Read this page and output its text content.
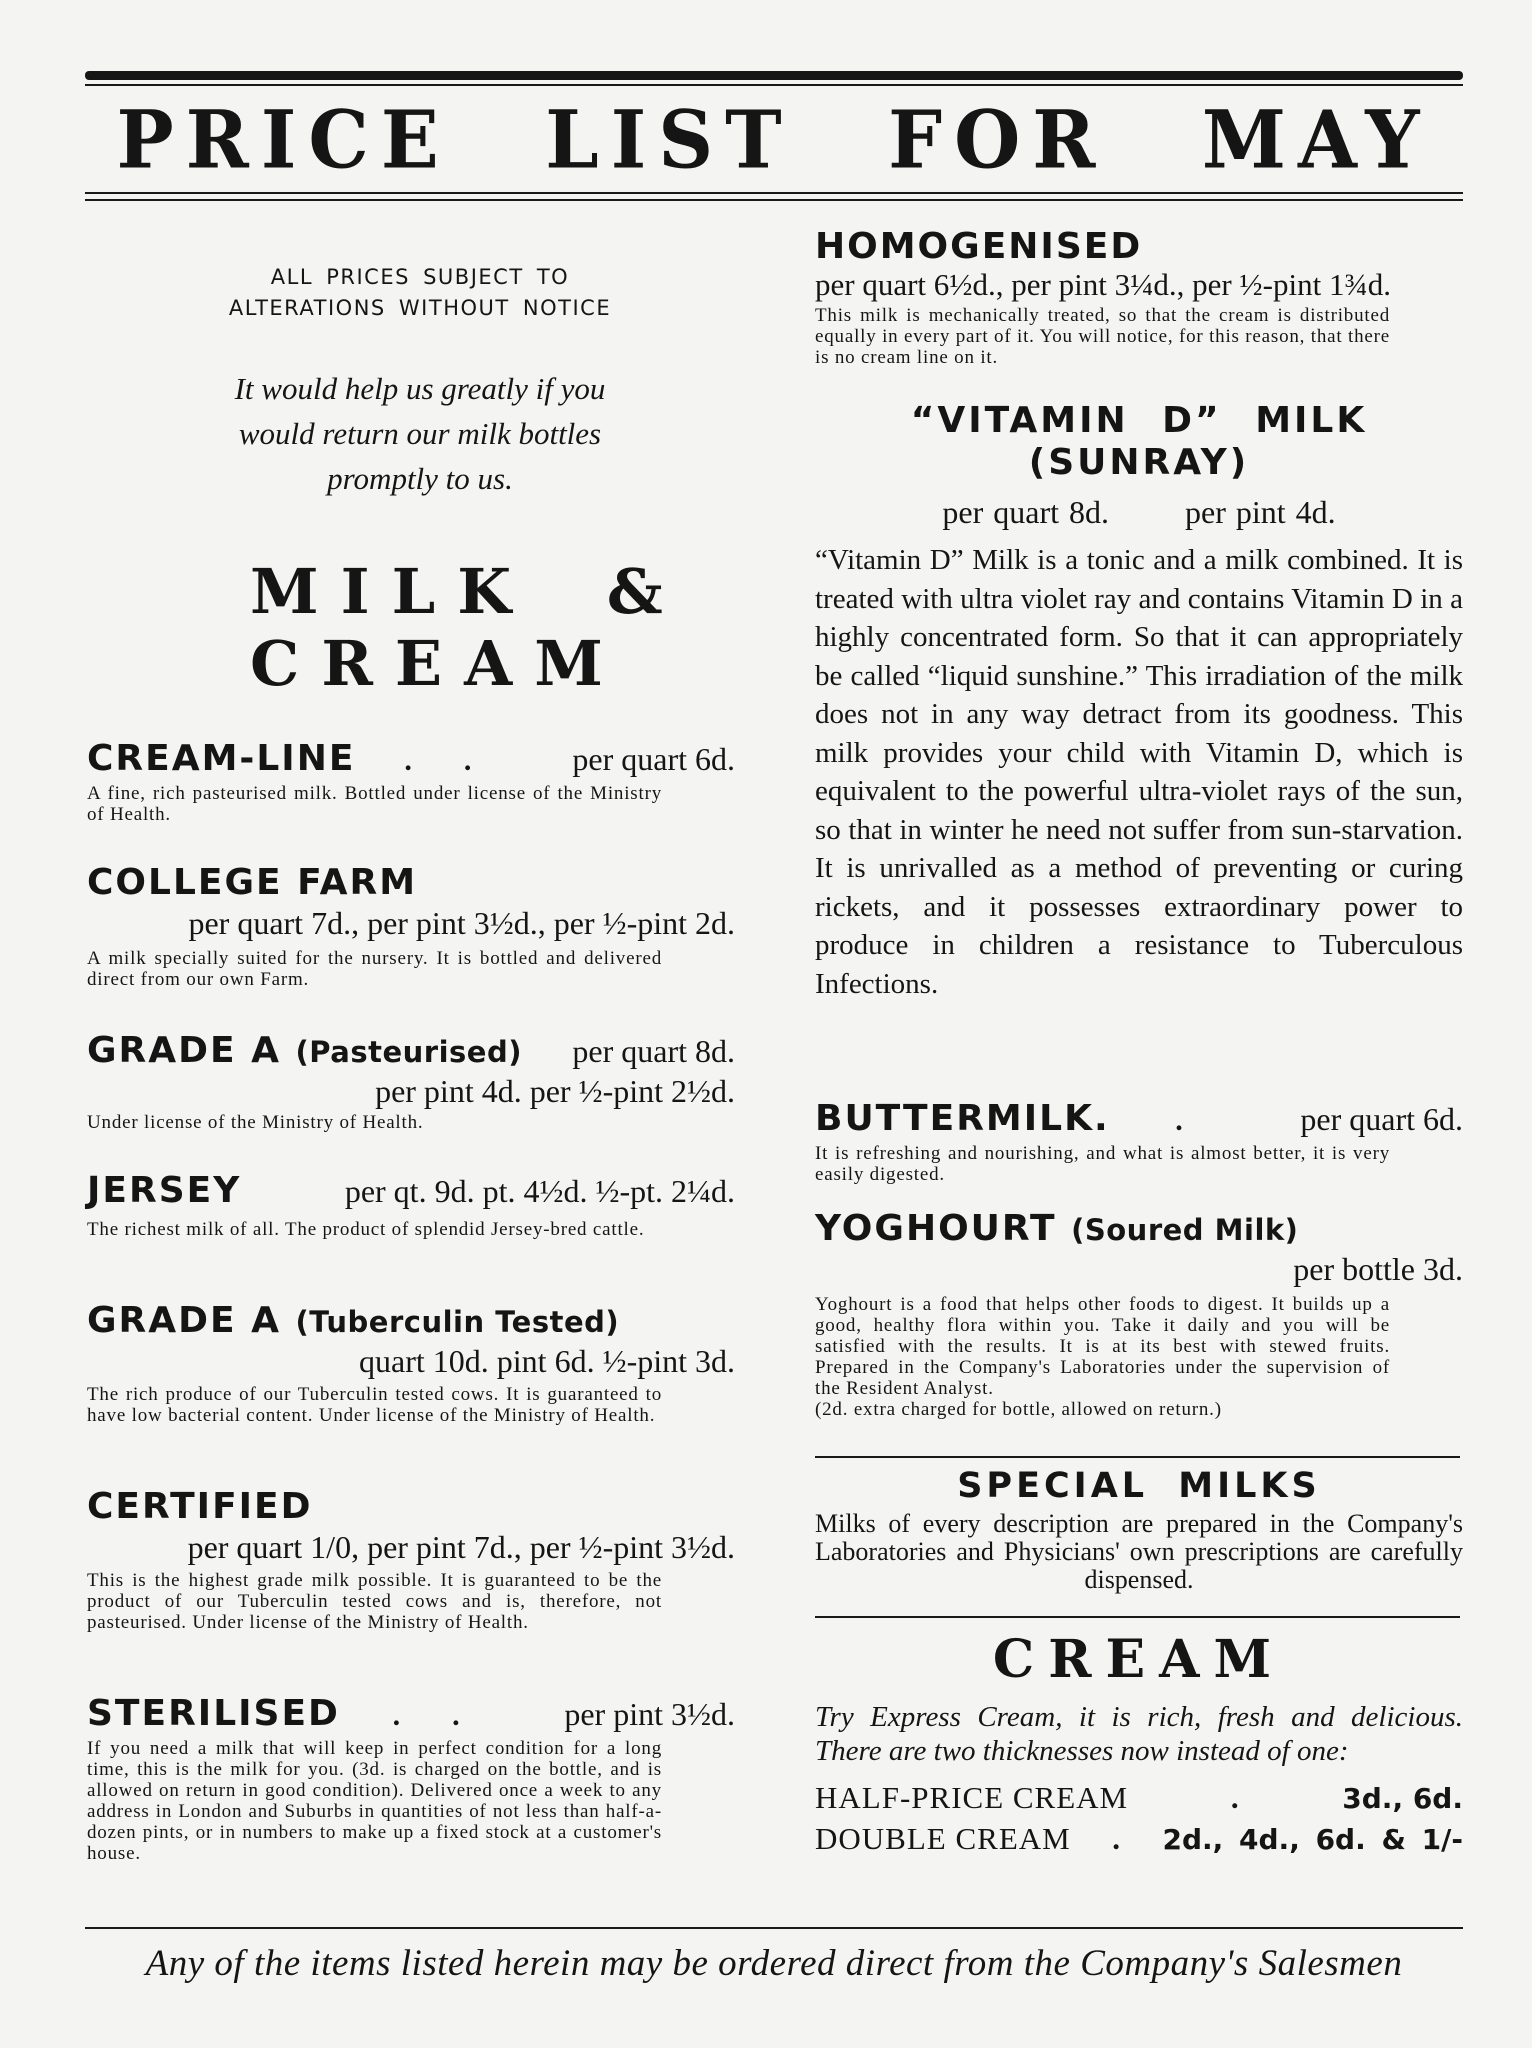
PRICE LIST FOR MAY
ALL PRICES SUBJECT TO
ALTERATIONS WITHOUT NOTICE
It would help us greatly if you
would return our milk bottles
promptly to us.
MILK &
CREAM
CREAM-LINE .. per quart 6d.
A fine, rich pasteurised milk. Bottled under license of the Ministry of Health.
COLLEGE FARM
per quart 7d., per pint 3½d., per ½-pint 2d.
A milk specially suited for the nursery. It is bottled and delivered direct from our own Farm.
GRADE A (Pasteurised) per quart 8d.
per pint 4d. per ½-pint 2½d.
Under license of the Ministry of Health.
JERSEY	per qt. 9d. pt. 4½d. ½-pt. 2¼d.
The richest milk of all. The product of splendid Jersey-bred cattle.
GRADE A (Tuberculin Tested)
quart 10d. pint 6d. ½-pint 3d.
The rich produce of our Tuberculin tested cows. It is guaranteed to have low bacterial content. Under license of the Ministry of Health.
CERTIFIED
per quart 1/0, per pint 7d., per ½-pint 3½d.
This is the highest grade milk possible. It is guaranteed to be the product of our Tuberculin tested cows and is, therefore, not pasteurised. Under license of the Ministry of Health.
STERILISED .. per pint 3½d.
If you need a milk that will keep in perfect condition for a long time, this is the milk for you. (3d. is charged on the bottle, and is allowed on return in good condition). Delivered once a week to any address in London and Suburbs in quantities of not less than half-a-dozen pints, or in numbers to make up a fixed stock at a customer's house.
HOMOGENISED
per quart 6½d., per pint 3¼d., per ½-pint 1¾d.
This milk is mechanically treated, so that the cream is distributed equally in every part of it. You will notice, for this reason, that there is no cream line on it.
“VITAMIN D” MILK
(SUNRAY)
per quart 8d. per pint 4d.
“Vitamin D” Milk is a tonic and a milk combined. It is treated with ultra violet ray and contains Vitamin D in a highly concentrated form. So that it can appropriately be called “liquid sunshine.” This irradiation of the milk does not in any way detract from its goodness. This milk provides your child with Vitamin D, which is equivalent to the powerful ultra-violet rays of the sun, so that in winter he need not suffer from sun-starvation. It is unrivalled as a method of preventing or curing rickets, and it possesses extraordinary power to produce in children a resistance to Tuberculous Infections.
BUTTERMILK. . per quart 6d.
It is refreshing and nourishing, and what is almost better, it is very easily digested.
YOGHOURT (Soured Milk)
per bottle 3d.
Yoghourt is a food that helps other foods to digest. It builds up a good, healthy flora within you. Take it daily and you will be satisfied with the results. It is at its best with stewed fruits. Prepared in the Company's Laboratories under the supervision of the Resident Analyst.
(2d. extra charged for bottle, allowed on return.)
SPECIAL MILKS
Milks of every description are prepared in the Company's Laboratories and Physicians' own prescriptions are carefully dispensed.
CREAM
Try Express Cream, it is rich, fresh and delicious. There are two thicknesses now instead of one:
HALF-PRICE CREAM	.	3d., 6d.
DOUBLE CREAM . 2d., 4d., 6d. & 1/-
Any of the items listed herein may be ordered direct from the Company's Salesmen
